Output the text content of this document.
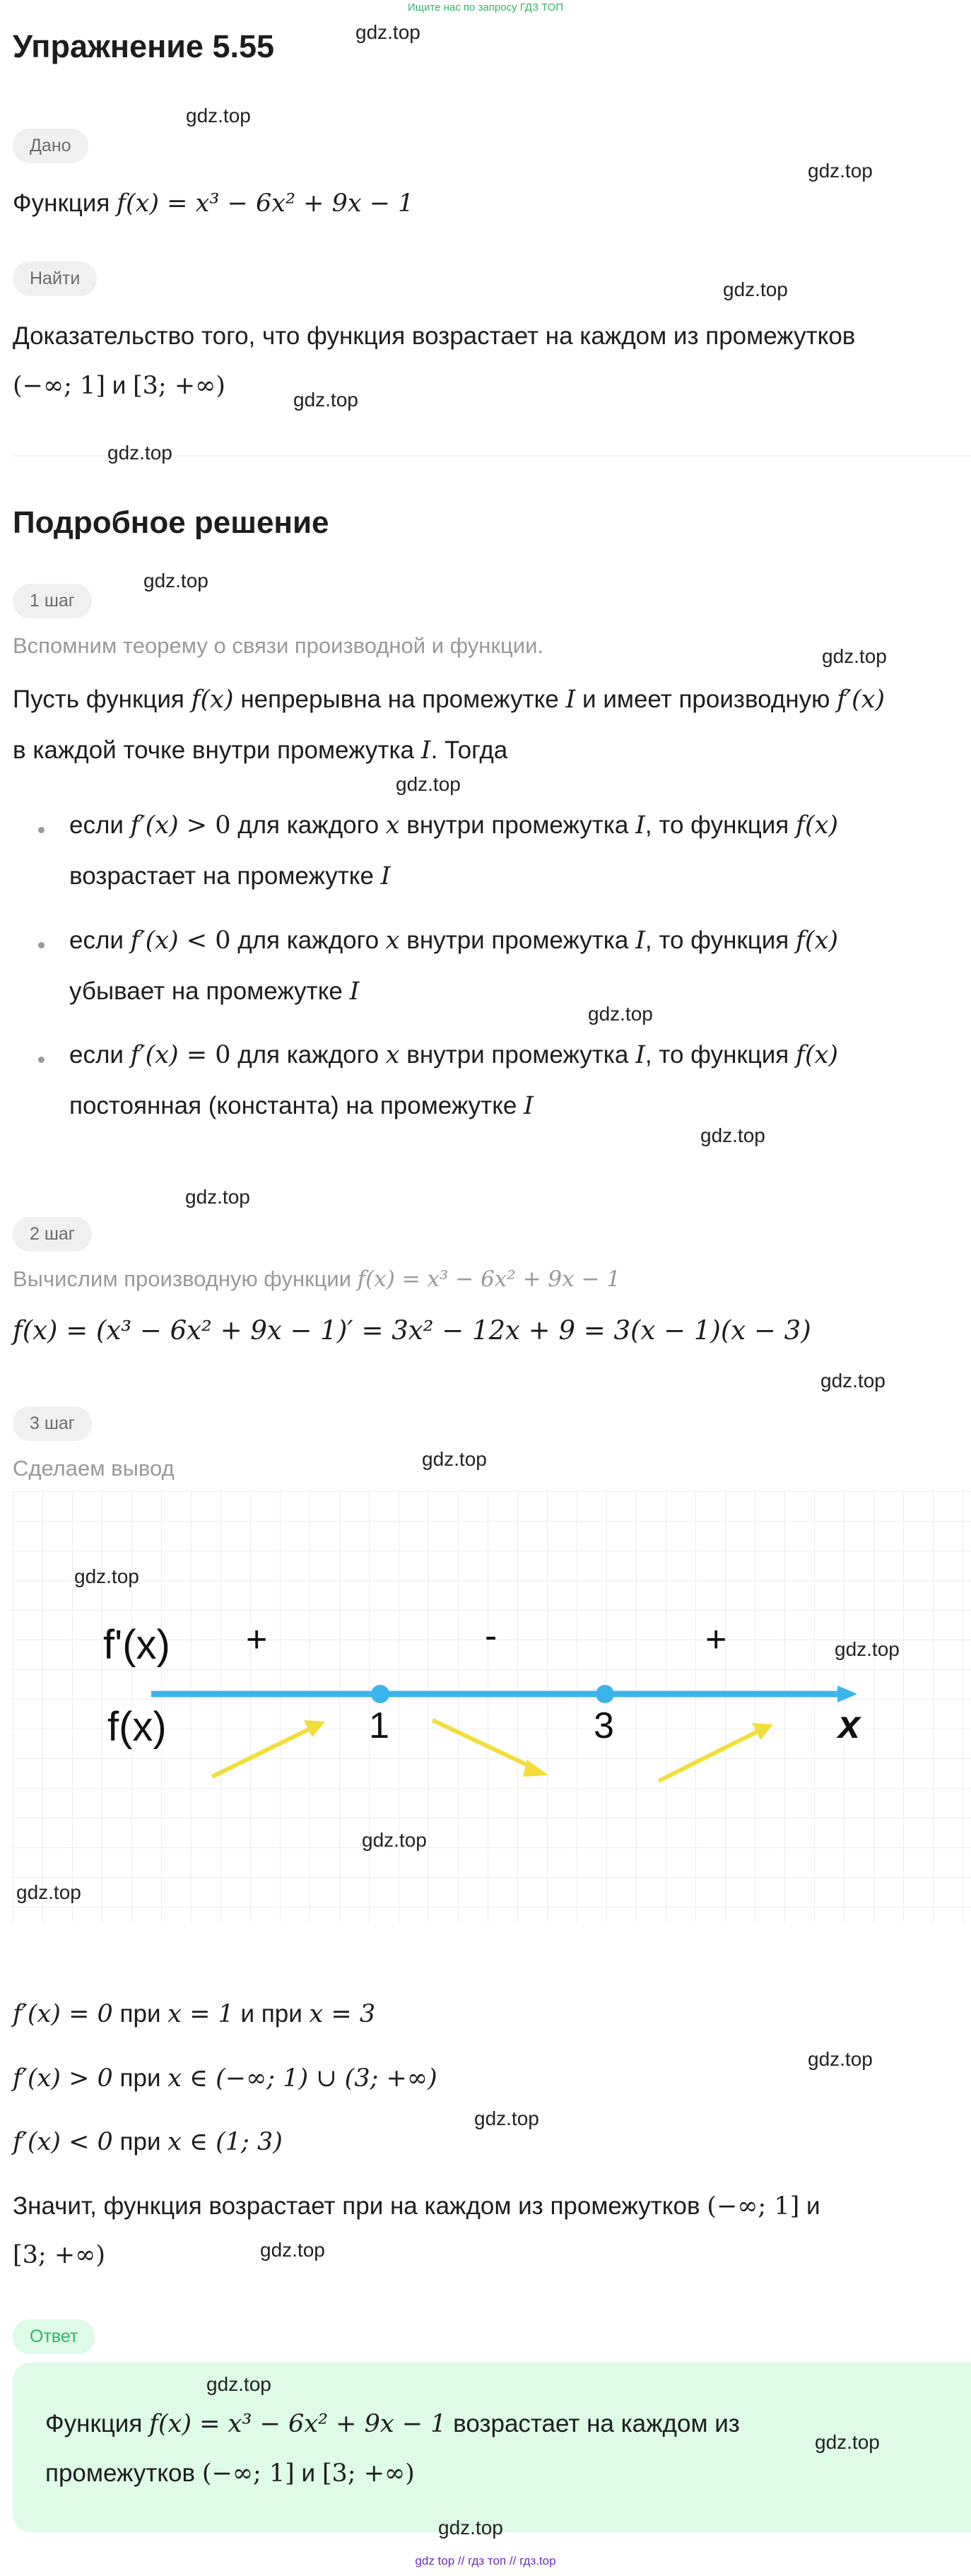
Ищите нас по запросу ГДЗ ТОП
Упражнение 5.55
Дано
Функция f(x) = x³ − 6x² + 9x − 1
Найти
Доказательство того, что функция возрастает на каждом из промежутков
(−∞; 1] и [3; +∞)
Подробное решение
1 шаг
Вспомним теорему о связи производной и функции.
Пусть функция f(x) непрерывна на промежутке I и имеет производную f′(x)
в каждой точке внутри промежутка I. Тогда
если f′(x) > 0 для каждого x внутри промежутка I, то функция f(x)
возрастает на промежутке I
если f′(x) < 0 для каждого x внутри промежутка I, то функция f(x)
убывает на промежутке I
если f′(x) = 0 для каждого x внутри промежутка I, то функция f(x)
постоянная (константа) на промежутке I
2 шаг
Вычислим производную функции f(x) = x³ − 6x² + 9x − 1
f(x) = (x³ − 6x² + 9x − 1)′ = 3x² − 12x + 9 = 3(x − 1)(x − 3)
3 шаг
Сделаем вывод
f'(x)
f(x)	1	3	x
+	-	+
f′(x) = 0 при x = 1 и при x = 3
f′(x) > 0 при x ∈ (−∞; 1) ∪ (3; +∞)
f′(x) < 0 при x ∈ (1; 3)
Значит, функция возрастает при на каждом из промежутков (−∞; 1] и
[3; +∞)
Ответ
Функция f(x) = x³ − 6x² + 9x − 1 возрастает на каждом из
промежутков (−∞; 1] и [3; +∞)
gdz.top
gdz.top
gdz.top
gdz.top
gdz.top
gdz.top
gdz.top
gdz.top
gdz.top
gdz.top
gdz.top
gdz.top
gdz.top
gdz.top
gdz.top
gdz.top
gdz.top
gdz.top
gdz.top
gdz.top
gdz.top
gdz.top
gdz.top
gdz.top
gdz top // гдз топ // гдз.top
